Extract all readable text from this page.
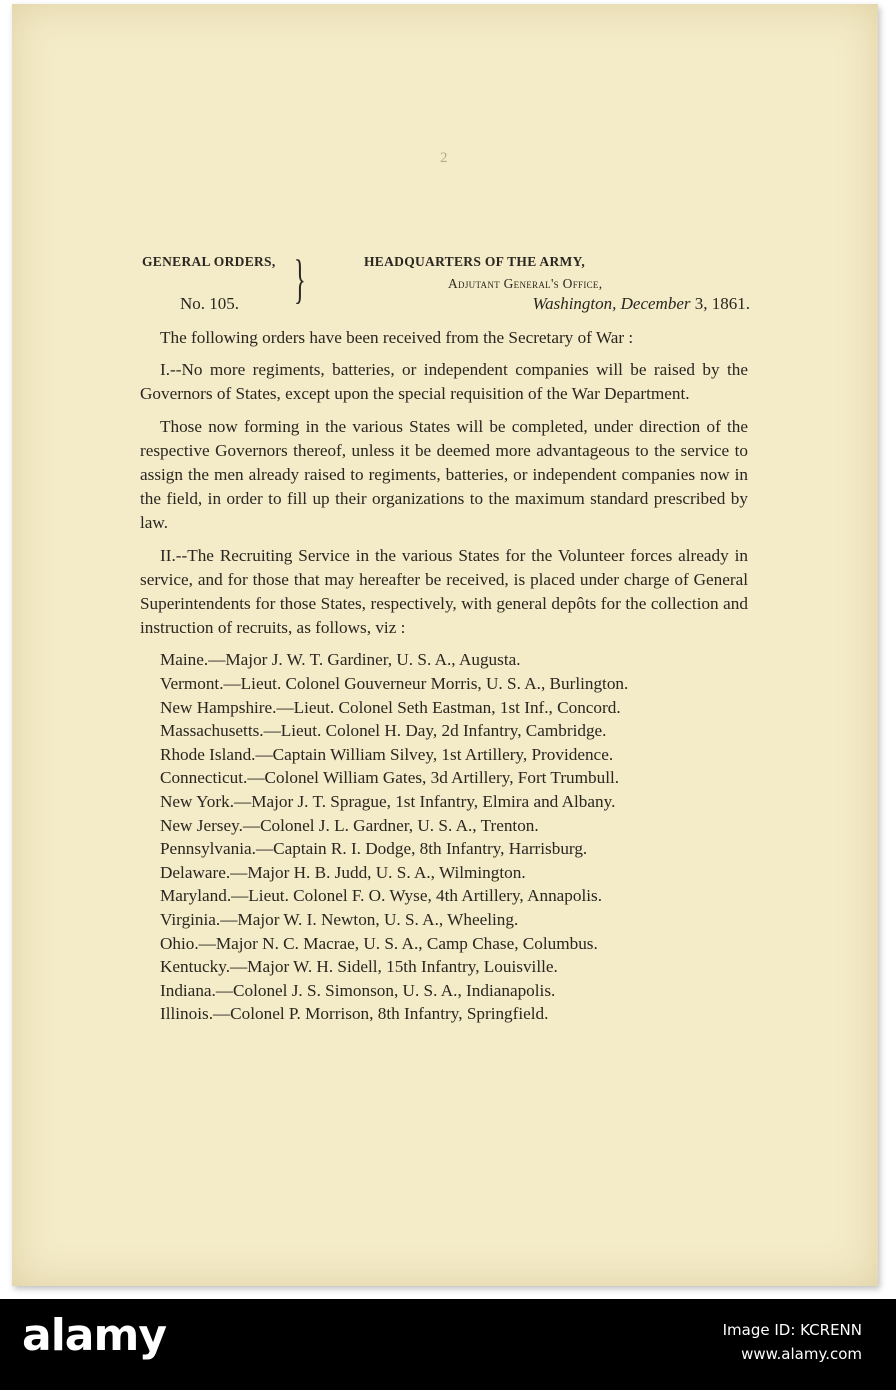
2
GENERAL ORDERS,
No. 105. }	HEADQUARTERS OF THE ARMY,
Adjutant General's Office,
Washington, December 3, 1861.

The following orders have been received from the Secretary of War :

I.--No more regiments, batteries, or independent companies will be raised by the Governors of States, except upon the special requisition of the War Department.

Those now forming in the various States will be completed, under direction of the respective Governors thereof, unless it be deemed more advantageous to the service to assign the men already raised to regiments, batteries, or independent companies now in the field, in order to fill up their organizations to the maximum standard prescribed by law.

II.--The Recruiting Service in the various States for the Volunteer forces already in service, and for those that may hereafter be received, is placed under charge of General Superintendents for those States, respectively, with general depôts for the collection and instruction of recruits, as follows, viz :

Maine.—Major J. W. T. Gardiner, U. S. A., Augusta.
Vermont.—Lieut. Colonel Gouverneur Morris, U. S. A., Burlington.
New Hampshire.—Lieut. Colonel Seth Eastman, 1st Inf., Concord.
Massachusetts.—Lieut. Colonel H. Day, 2d Infantry, Cambridge.
Rhode Island.—Captain William Silvey, 1st Artillery, Providence.
Connecticut.—Colonel William Gates, 3d Artillery, Fort Trumbull.
New York.—Major J. T. Sprague, 1st Infantry, Elmira and Albany.
New Jersey.—Colonel J. L. Gardner, U. S. A., Trenton.
Pennsylvania.—Captain R. I. Dodge, 8th Infantry, Harrisburg.
Delaware.—Major H. B. Judd, U. S. A., Wilmington.
Maryland.—Lieut. Colonel F. O. Wyse, 4th Artillery, Annapolis.
Virginia.—Major W. I. Newton, U. S. A., Wheeling.
Ohio.—Major N. C. Macrae, U. S. A., Camp Chase, Columbus.
Kentucky.—Major W. H. Sidell, 15th Infantry, Louisville.
Indiana.—Colonel J. S. Simonson, U. S. A., Indianapolis.
Illinois.—Colonel P. Morrison, 8th Infantry, Springfield.
alamy	Image ID: KCRENN
www.alamy.com
